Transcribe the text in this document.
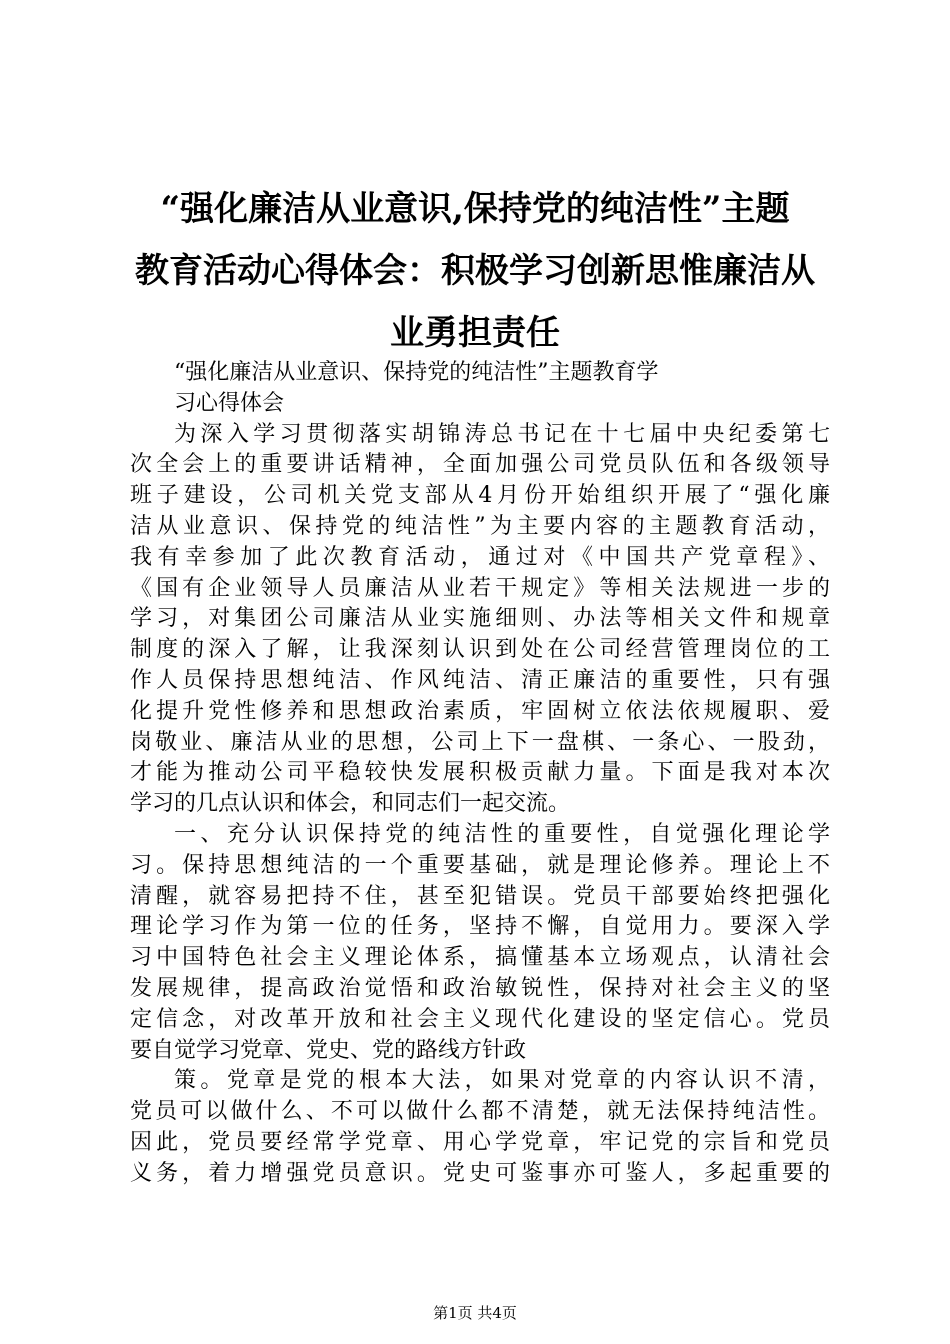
“强化廉洁从业意识,保持党的纯洁性”主题
教育活动心得体会：积极学习创新思惟廉洁从
业勇担责任
“强化廉洁从业意识、保持党的纯洁性”主题教育学
习心得体会
为深入学习贯彻落实胡锦涛总书记在十七届中央纪委第七
次全会上的重要讲话精神，全面加强公司党员队伍和各级领导
班子建设，公司机关党支部从4月份开始组织开展了“强化廉
洁从业意识、保持党的纯洁性”为主要内容的主题教育活动，
我有幸参加了此次教育活动，通过对《中国共产党章程》、
《国有企业领导人员廉洁从业若干规定》等相关法规进一步的
学习，对集团公司廉洁从业实施细则、办法等相关文件和规章
制度的深入了解，让我深刻认识到处在公司经营管理岗位的工
作人员保持思想纯洁、作风纯洁、清正廉洁的重要性，只有强
化提升党性修养和思想政治素质，牢固树立依法依规履职、爱
岗敬业、廉洁从业的思想，公司上下一盘棋、一条心、一股劲，
才能为推动公司平稳较快发展积极贡献力量。下面是我对本次
学习的几点认识和体会，和同志们一起交流。
一、充分认识保持党的纯洁性的重要性，自觉强化理论学
习。保持思想纯洁的一个重要基础，就是理论修养。理论上不
清醒，就容易把持不住，甚至犯错误。党员干部要始终把强化
理论学习作为第一位的任务，坚持不懈，自觉用力。要深入学
习中国特色社会主义理论体系，搞懂基本立场观点，认清社会
发展规律，提高政治觉悟和政治敏锐性，保持对社会主义的坚
定信念，对改革开放和社会主义现代化建设的坚定信心。党员
要自觉学习党章、党史、党的路线方针政
策。党章是党的根本大法，如果对党章的内容认识不清，
党员可以做什么、不可以做什么都不清楚，就无法保持纯洁性。
因此，党员要经常学党章、用心学党章，牢记党的宗旨和党员
义务，着力增强党员意识。党史可鉴事亦可鉴人，多起重要的
第1页 共4页
